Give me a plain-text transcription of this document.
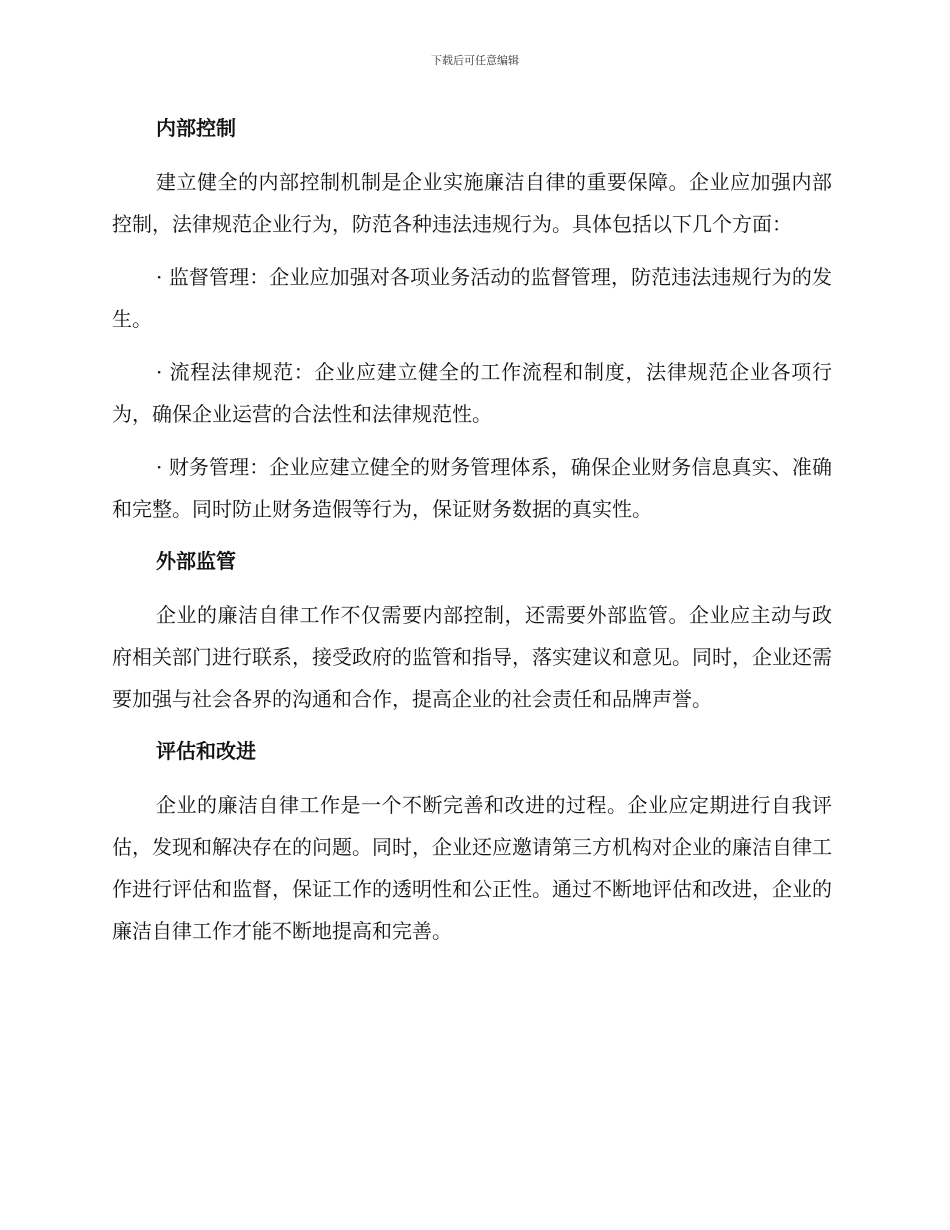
下载后可任意编辑
内部控制

建立健全的内部控制机制是企业实施廉洁自律的重要保障。企业应加强内部控制，法律规范企业行为，防范各种违法违规行为。具体包括以下几个方面：

· 监督管理：企业应加强对各项业务活动的监督管理，防范违法违规行为的发生。

· 流程法律规范：企业应建立健全的工作流程和制度，法律规范企业各项行为，确保企业运营的合法性和法律规范性。

· 财务管理：企业应建立健全的财务管理体系，确保企业财务信息真实、准确和完整。同时防止财务造假等行为，保证财务数据的真实性。

外部监管

企业的廉洁自律工作不仅需要内部控制，还需要外部监管。企业应主动与政府相关部门进行联系，接受政府的监管和指导，落实建议和意见。同时，企业还需要加强与社会各界的沟通和合作，提高企业的社会责任和品牌声誉。

评估和改进

企业的廉洁自律工作是一个不断完善和改进的过程。企业应定期进行自我评估，发现和解决存在的问题。同时，企业还应邀请第三方机构对企业的廉洁自律工作进行评估和监督，保证工作的透明性和公正性。通过不断地评估和改进，企业的廉洁自律工作才能不断地提高和完善。
